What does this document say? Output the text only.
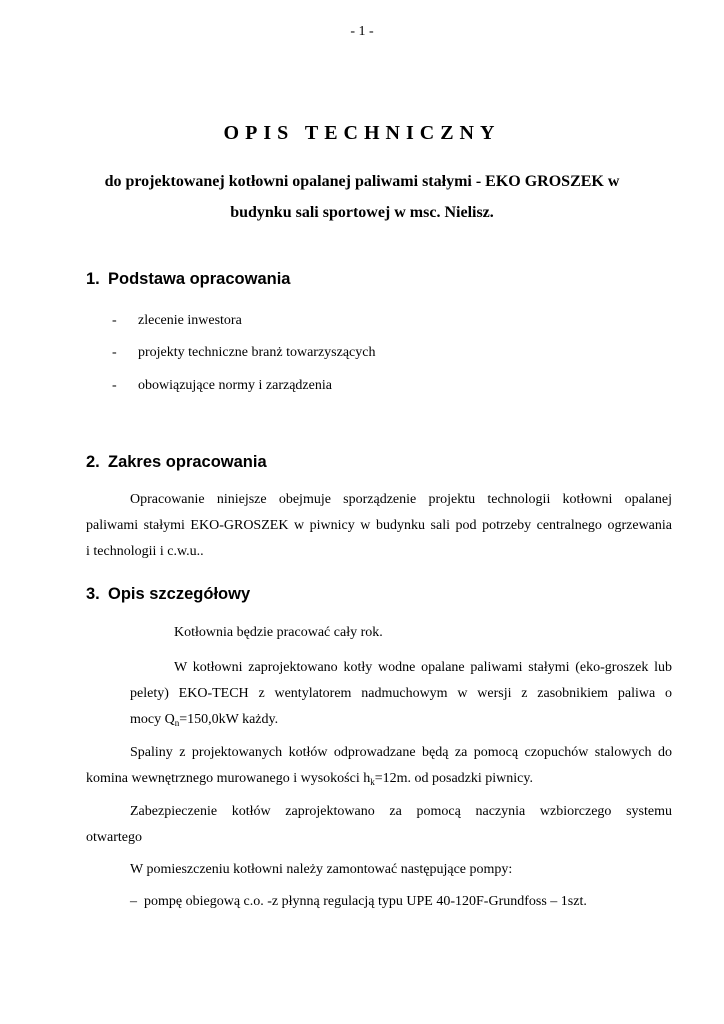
- 1 -
OPIS TECHNICZNY
do projektowanej kotłowni opalanej paliwami stałymi - EKO GROSZEK w
budynku sali sportowej w msc. Nielisz.
1. Podstawa opracowania
- zlecenie inwestora
- projekty techniczne branż towarzyszących
- obowiązujące normy i zarządzenia
2. Zakres opracowania
Opracowanie niniejsze obejmuje sporządzenie projektu technologii kotłowni opalanej
paliwami stałymi EKO-GROSZEK w piwnicy w budynku sali pod potrzeby centralnego ogrzewania
i technologii i c.w.u..
3. Opis szczegółowy
Kotłownia będzie pracować cały rok.
W kotłowni zaprojektowano kotły wodne opalane paliwami stałymi (eko-groszek lub
pelety) EKO-TECH z wentylatorem nadmuchowym w wersji z zasobnikiem paliwa o
mocy $Q_n=150,0kW$ każdy.
Spaliny z projektowanych kotłów odprowadzane będą za pomocą czopuchów stalowych do
komina wewnętrznego murowanego i wysokości $h_k=12m$. od posadzki piwnicy.
Zabezpieczenie kotłów zaprojektowano za pomocą naczynia wzbiorczego systemu
otwartego
W pomieszczeniu kotłowni należy zamontować następujące pompy:
– pompę obiegową c.o. -z płynną regulacją typu UPE 40-120F-Grundfoss – 1szt.
